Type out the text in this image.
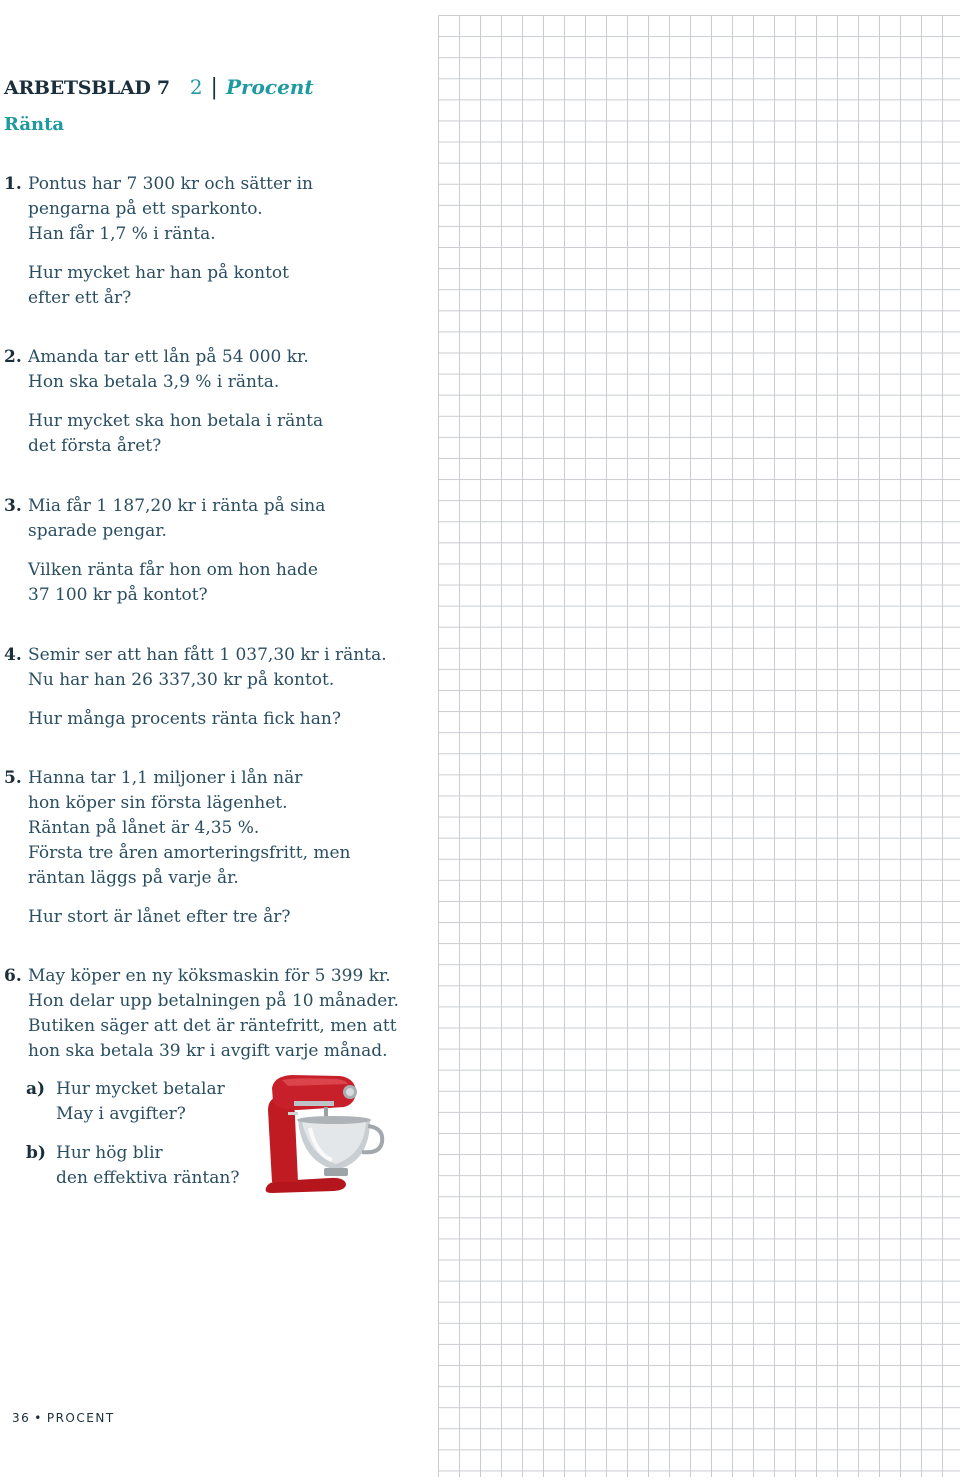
ARBETSBLAD 7 2 | Procent
Ränta
1. Pontus har 7 300 kr och sätter in
pengarna på ett sparkonto.
Han får 1,7 % i ränta.
Hur mycket har han på kontot
efter ett år?
2. Amanda tar ett lån på 54 000 kr.
Hon ska betala 3,9 % i ränta.
Hur mycket ska hon betala i ränta
det första året?
3. Mia får 1 187,20 kr i ränta på sina
sparade pengar.
Vilken ränta får hon om hon hade
37 100 kr på kontot?
4. Semir ser att han fått 1 037,30 kr i ränta.
Nu har han 26 337,30 kr på kontot.
Hur många procents ränta fick han?
5. Hanna tar 1,1 miljoner i lån när
hon köper sin första lägenhet.
Räntan på lånet är 4,35 %.
Första tre åren amorteringsfritt, men
räntan läggs på varje år.
Hur stort är lånet efter tre år?
6. May köper en ny köksmaskin för 5 399 kr.
Hon delar upp betalningen på 10 månader.
Butiken säger att det är räntefritt, men att
hon ska betala 39 kr i avgift varje månad.
a) Hur mycket betalar
May i avgifter?
b) Hur hög blir
den effektiva räntan?
36 • PROCENT
